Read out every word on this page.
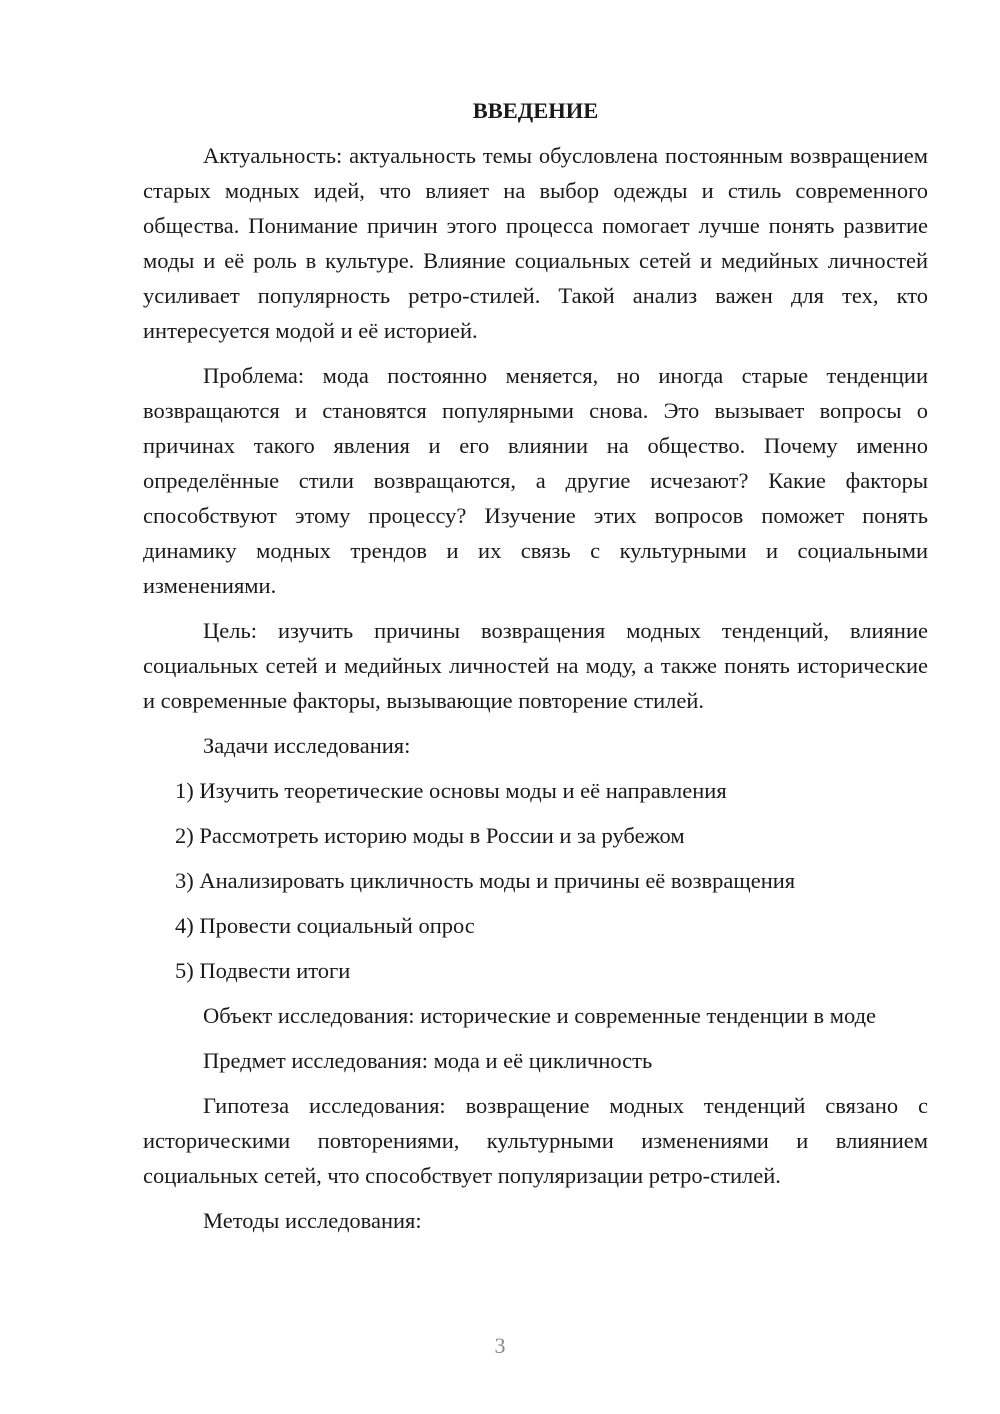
ВВЕДЕНИЕ
Актуальность: актуальность темы обусловлена постоянным возвращением старых модных идей, что влияет на выбор одежды и стиль современного общества. Понимание причин этого процесса помогает лучше понять развитие моды и её роль в культуре. Влияние социальных сетей и медийных личностей усиливает популярность ретро-стилей. Такой анализ важен для тех, кто интересуется модой и её историей.
Проблема: мода постоянно меняется, но иногда старые тенденции возвращаются и становятся популярными снова. Это вызывает вопросы о причинах такого явления и его влиянии на общество. Почему именно определённые стили возвращаются, а другие исчезают? Какие факторы способствуют этому процессу? Изучение этих вопросов поможет понять динамику модных трендов и их связь с культурными и социальными изменениями.
Цель: изучить причины возвращения модных тенденций, влияние социальных сетей и медийных личностей на моду, а также понять исторические и современные факторы, вызывающие повторение стилей.
Задачи исследования:
1) Изучить теоретические основы моды и её направления
2) Рассмотреть историю моды в России и за рубежом
3) Анализировать цикличность моды и причины её возвращения
4) Провести социальный опрос
5) Подвести итоги
Объект исследования: исторические и современные тенденции в моде
Предмет исследования: мода и её цикличность
Гипотеза исследования: возвращение модных тенденций связано с историческими повторениями, культурными изменениями и влиянием социальных сетей, что способствует популяризации ретро-стилей.
Методы исследования:
3
